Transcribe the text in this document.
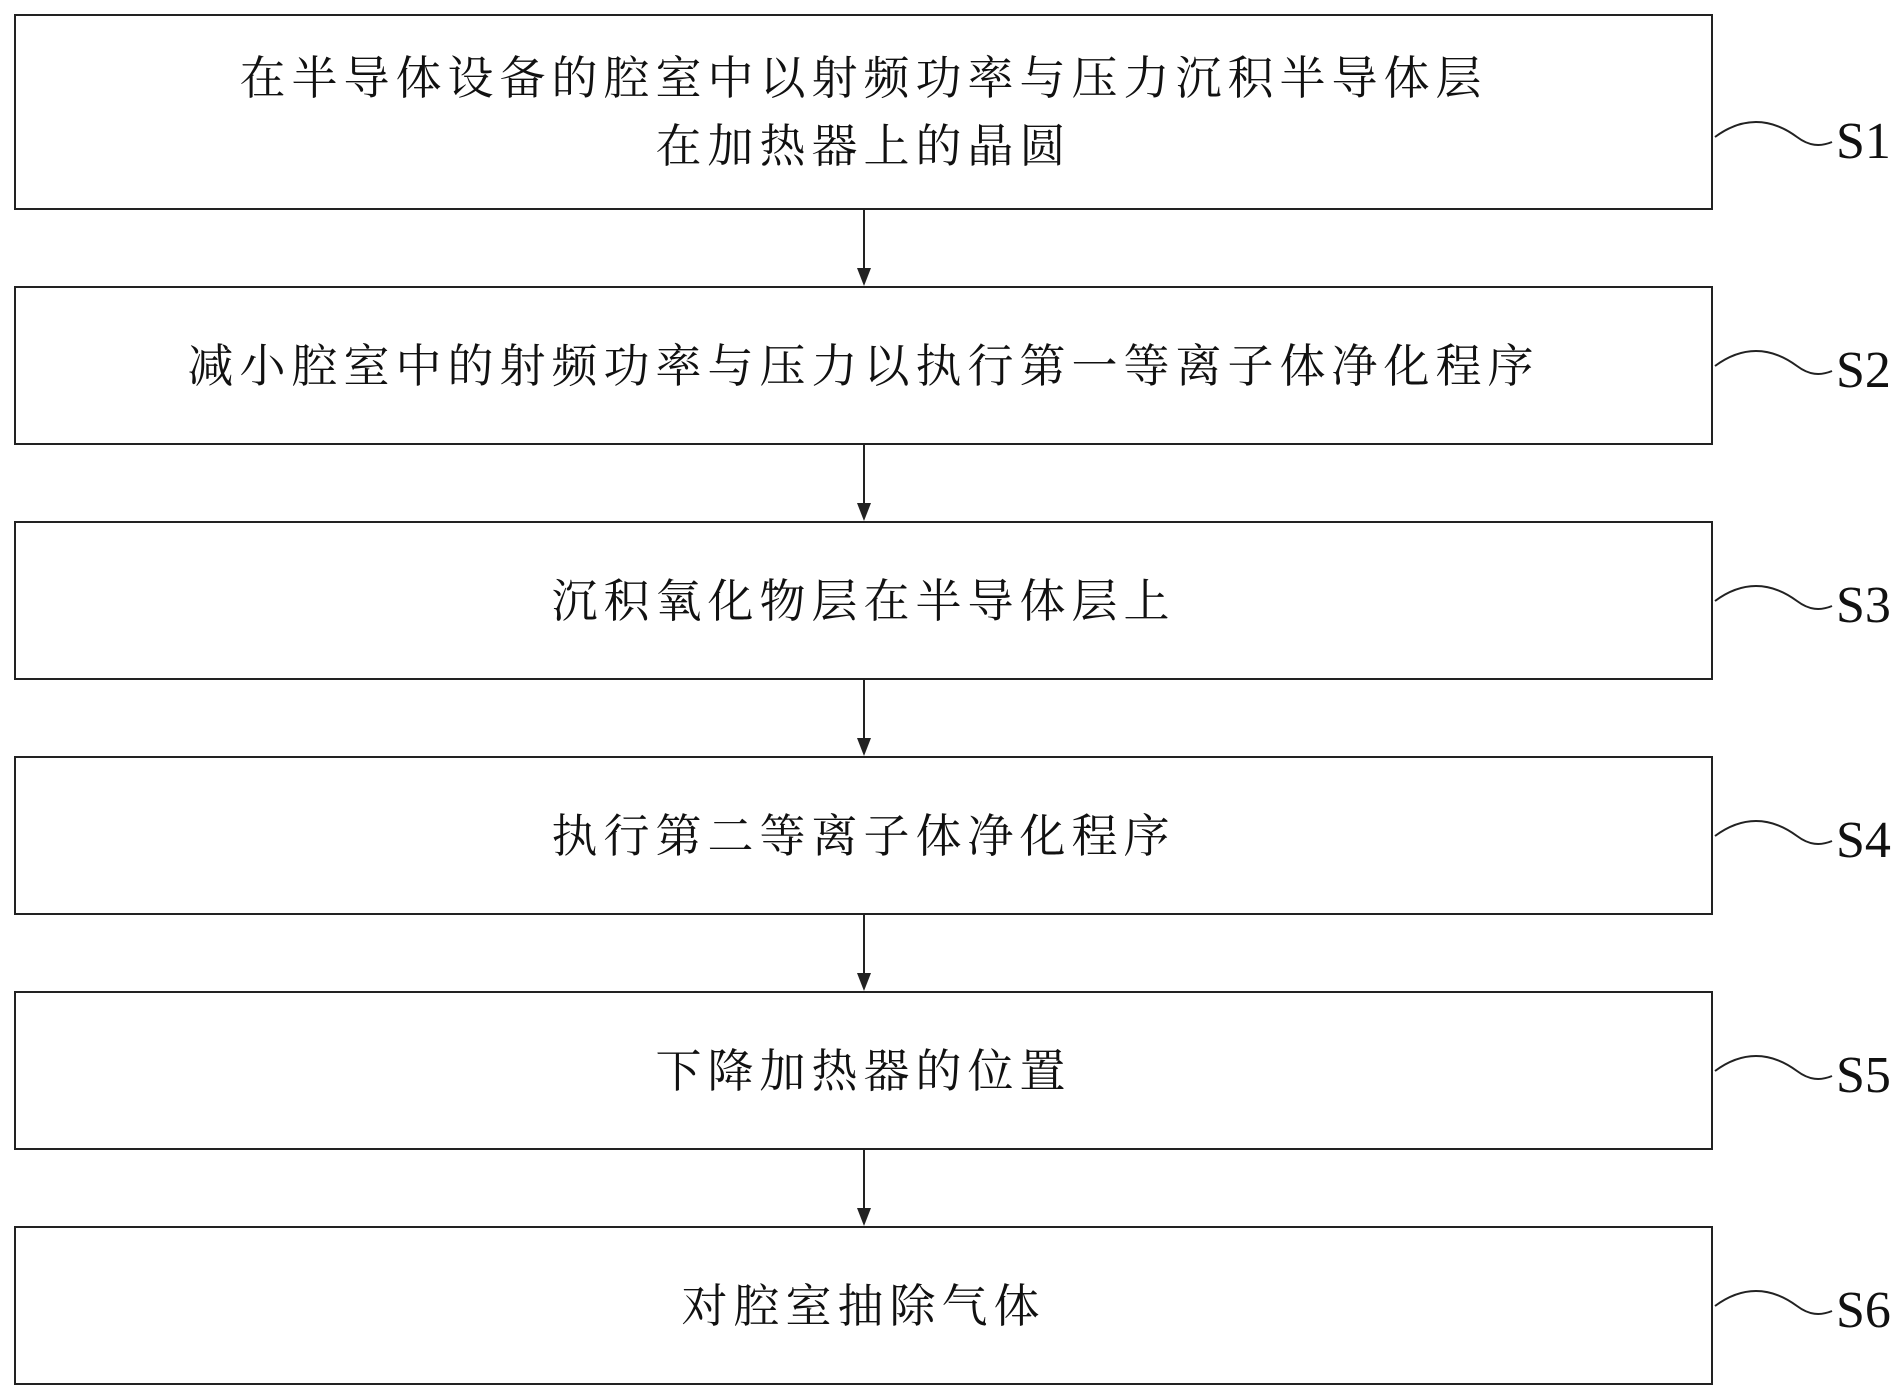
在半导体设备的腔室中以射频功率与压力沉积半导体层
在加热器上的晶圆
减小腔室中的射频功率与压力以执行第一等离子体净化程序
沉积氧化物层在半导体层上
执行第二等离子体净化程序
下降加热器的位置
对腔室抽除气体
S1
S2
S3
S4
S5
S6
